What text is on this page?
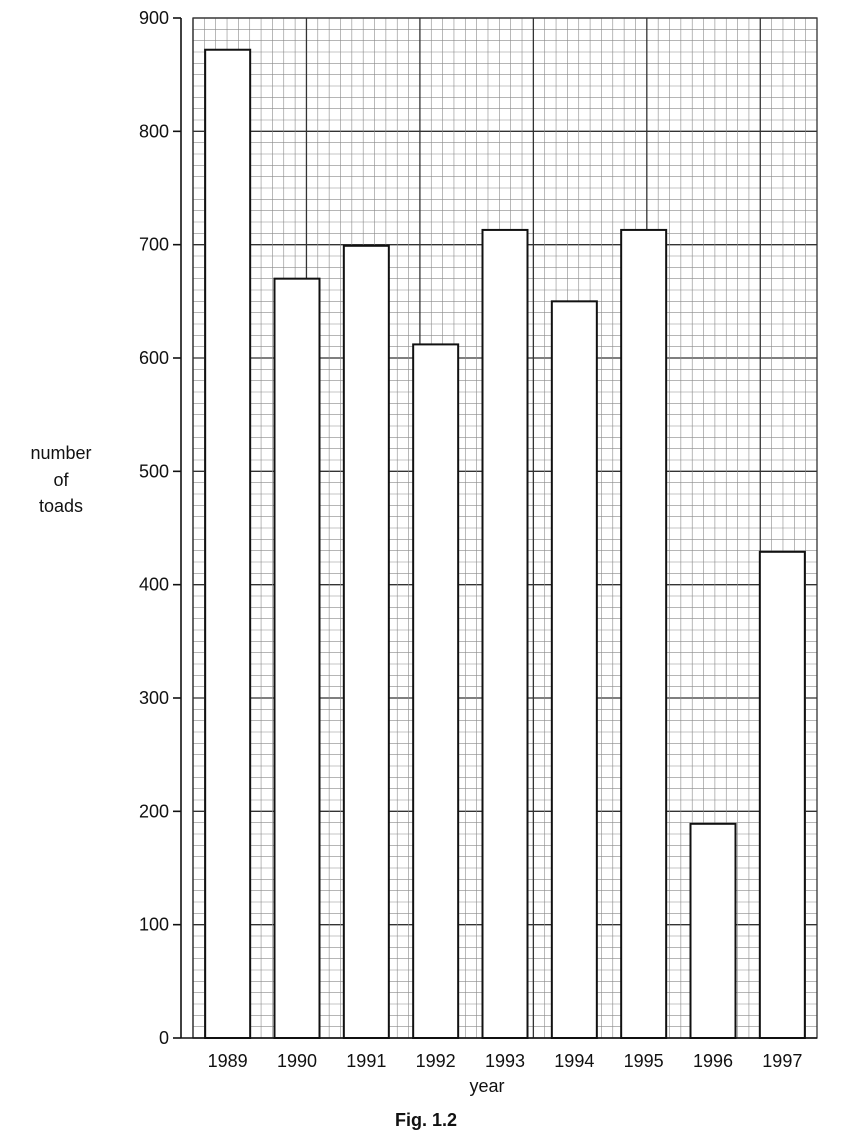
0
100
200
300
400
500
600
700
800
900
1989 1990 1991 1992 1993 1994 1995 1996 1997
year
number
of
toads
Fig. 1.2
